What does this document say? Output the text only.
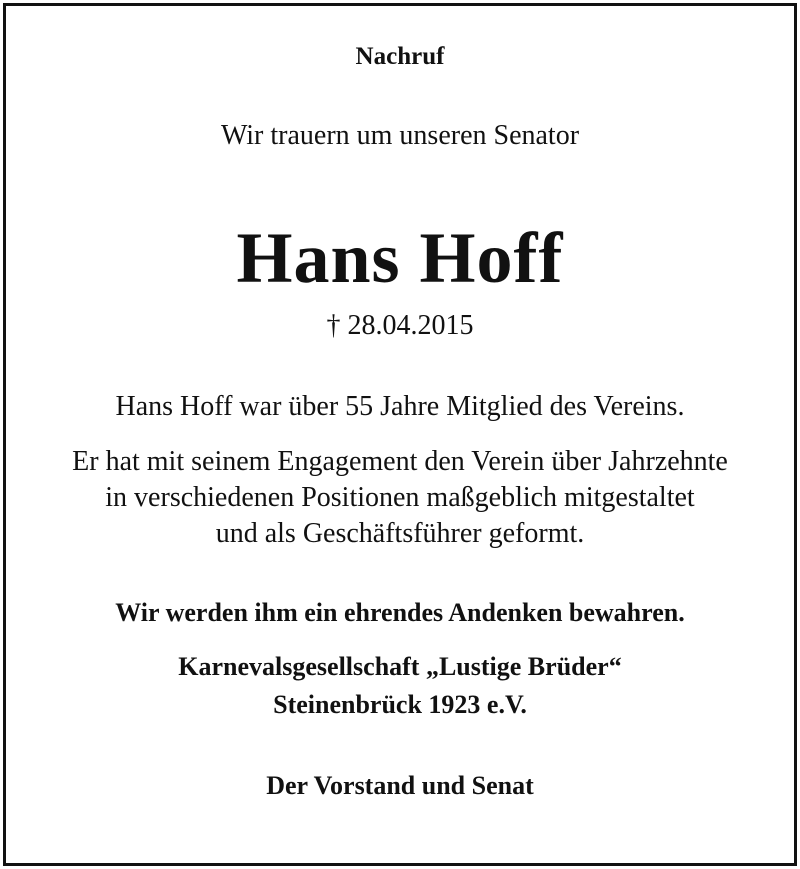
Nachruf
Wir trauern um unseren Senator
Hans Hoff
† 28.04.2015
Hans Hoff war über 55 Jahre Mitglied des Vereins.
Er hat mit seinem Engagement den Verein über Jahrzehnte
in verschiedenen Positionen maßgeblich mitgestaltet
und als Geschäftsführer geformt.
Wir werden ihm ein ehrendes Andenken bewahren.
Karnevalsgesellschaft „Lustige Brüder“
Steinenbrück 1923 e.V.
Der Vorstand und Senat
